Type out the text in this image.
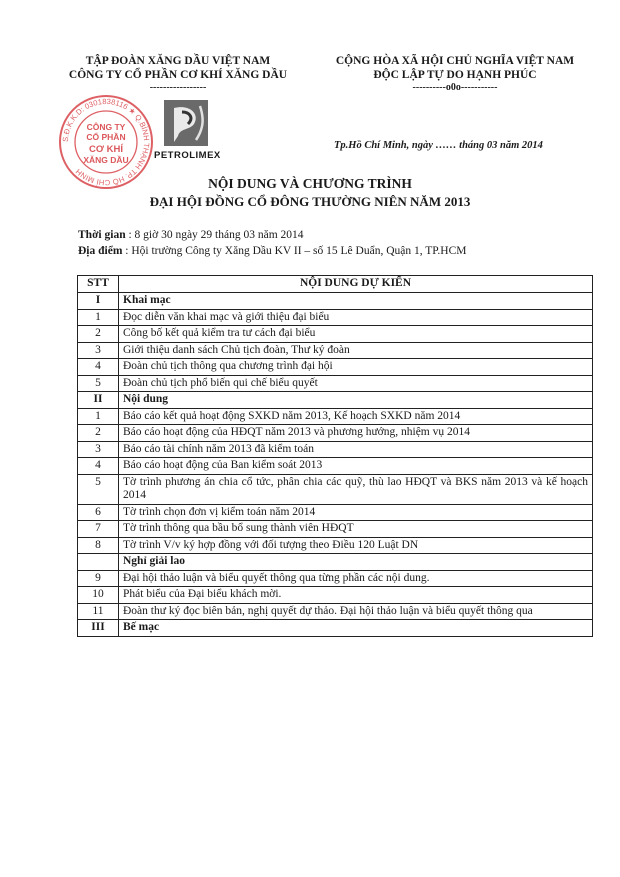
TẬP ĐOÀN XĂNG DẦU VIỆT NAM
CÔNG TY CỔ PHẦN CƠ KHÍ XĂNG DẦU
-----------------
CỘNG HÒA XÃ HỘI CHỦ NGHĨA VIỆT NAM
ĐỘC LẬP TỰ DO HẠNH PHÚC
----------o0o-----------
S.Đ.K.K.D: 0301838116 ★ Q.BÌNH THẠNH TP. HỒ CHÍ MINH
CÔNG TY
CỔ PHẦN
CƠ KHÍ
XĂNG DẦU	PETROLIMEX
Tp.Hồ Chí Minh, ngày …… tháng 03 năm 2014
NỘI DUNG VÀ CHƯƠNG TRÌNH
ĐẠI HỘI ĐỒNG CỔ ĐÔNG THƯỜNG NIÊN NĂM 2013
Thời gian : 8 giờ 30 ngày 29 tháng 03 năm 2014
Địa điểm : Hội trường Công ty Xăng Dầu KV II – số 15 Lê Duẩn, Quận 1, TP.HCM
STT	NỘI DUNG DỰ KIẾN
I	Khai mạc
1	Đọc diễn văn khai mạc và giới thiệu đại biểu
2	Công bố kết quả kiểm tra tư cách đại biểu
3	Giới thiệu danh sách Chủ tịch đoàn, Thư ký đoàn
4	Đoàn chủ tịch thông qua chương trình đại hội
5	Đoàn chủ tịch phổ biến qui chế biểu quyết
II	Nội dung
1	Báo cáo kết quả hoạt động SXKD năm 2013, Kế hoạch SXKD năm 2014
2	Báo cáo hoạt động của HĐQT năm 2013 và phương hướng, nhiệm vụ 2014
3	Báo cáo tài chính năm 2013 đã kiểm toán
4	Báo cáo hoạt động của Ban kiểm soát 2013
5	Tờ trình phương án chia cổ tức, phân chia các quỹ, thù lao HĐQT và BKS năm 2013 và kế hoạch 2014
6	Tờ trình chọn đơn vị kiểm toán năm 2014
7	Tờ trình thông qua bầu bổ sung thành viên HĐQT
8	Tờ trình V/v ký hợp đồng với đối tượng theo Điều 120 Luật DN
	Nghỉ giải lao
9	Đại hội thảo luận và biểu quyết thông qua từng phần các nội dung.
10	Phát biểu của Đại biểu khách mời.
11	Đoàn thư ký đọc biên bản, nghị quyết dự thảo. Đại hội thảo luận và biểu quyết thông qua
III	Bế mạc
